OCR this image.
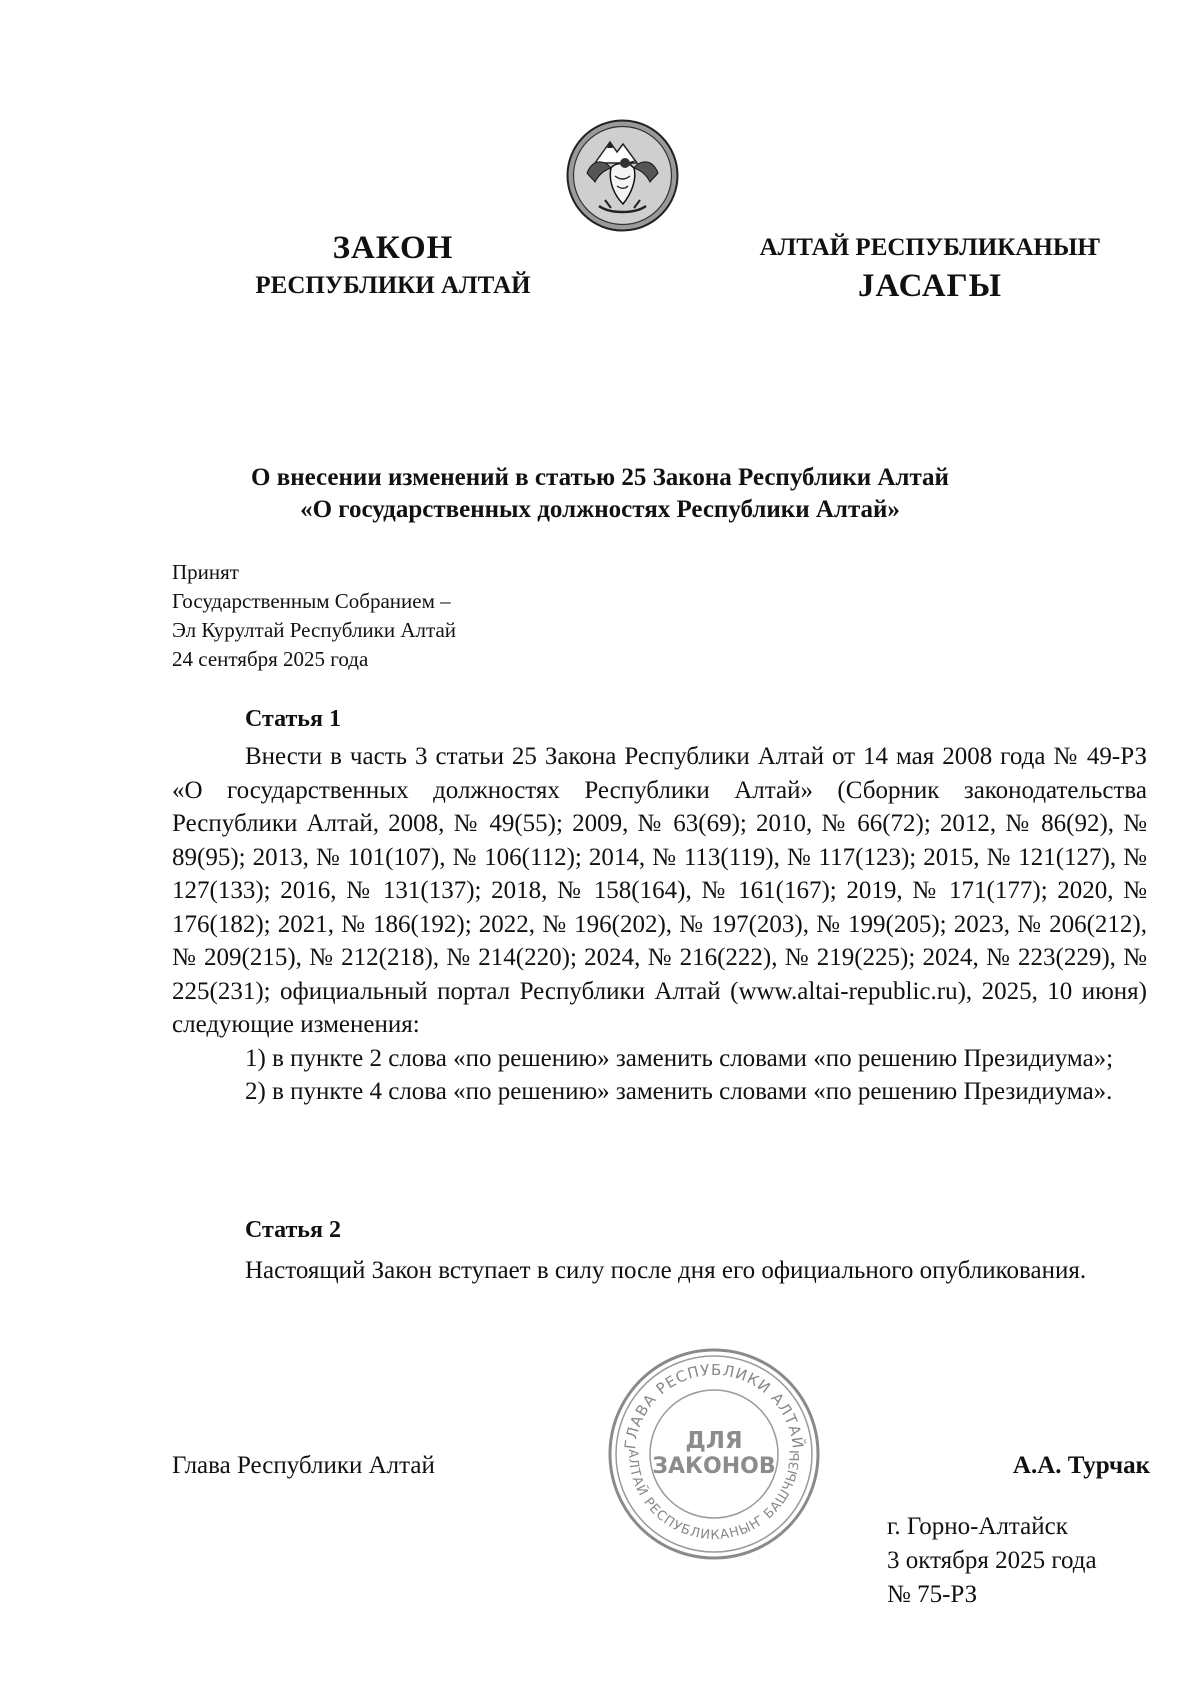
ЗАКОН
РЕСПУБЛИКИ АЛТАЙ
АЛТАЙ РЕСПУБЛИКАНЫҤ
JАСАГЫ
О внесении изменений в статью 25 Закона Республики Алтай
«О государственных должностях Республики Алтай»
Принят
Государственным Собранием –
Эл Курултай Республики Алтай
24 сентября 2025 года
Статья 1

Внести в часть 3 статьи 25 Закона Республики Алтай от 14 мая 2008 года № 49-РЗ «О государственных должностях Республики Алтай» (Сборник законодательства Республики Алтай, 2008, № 49(55); 2009, № 63(69); 2010, № 66(72); 2012, № 86(92), № 89(95); 2013, № 101(107), № 106(112); 2014, № 113(119), № 117(123); 2015, № 121(127), № 127(133); 2016, № 131(137); 2018, № 158(164), № 161(167); 2019, № 171(177); 2020, № 176(182); 2021, № 186(192); 2022, № 196(202), № 197(203), № 199(205); 2023, № 206(212), № 209(215), № 212(218), № 214(220); 2024, № 216(222), № 219(225); 2024, № 223(229), № 225(231); официальный портал Республики Алтай (www.altai-republic.ru), 2025, 10 июня) следующие изменения:

1) в пункте 2 слова «по решению» заменить словами «по решению Президиума»;

2) в пункте 4 слова «по решению» заменить словами «по решению Президиума».

Статья 2

Настоящий Закон вступает в силу после дня его официального опубликования.

ГЛАВА РЕСПУБЛИКИ АЛТАЙ
АЛТАЙ РЕСПУБЛИКАНЫҤ БАШЧЫЗЫ
ДЛЯ
ЗАКОНОВ
Глава Республики Алтай	А.А. Турчак
г. Горно-Алтайск
3 октября 2025 года
№ 75-РЗ
